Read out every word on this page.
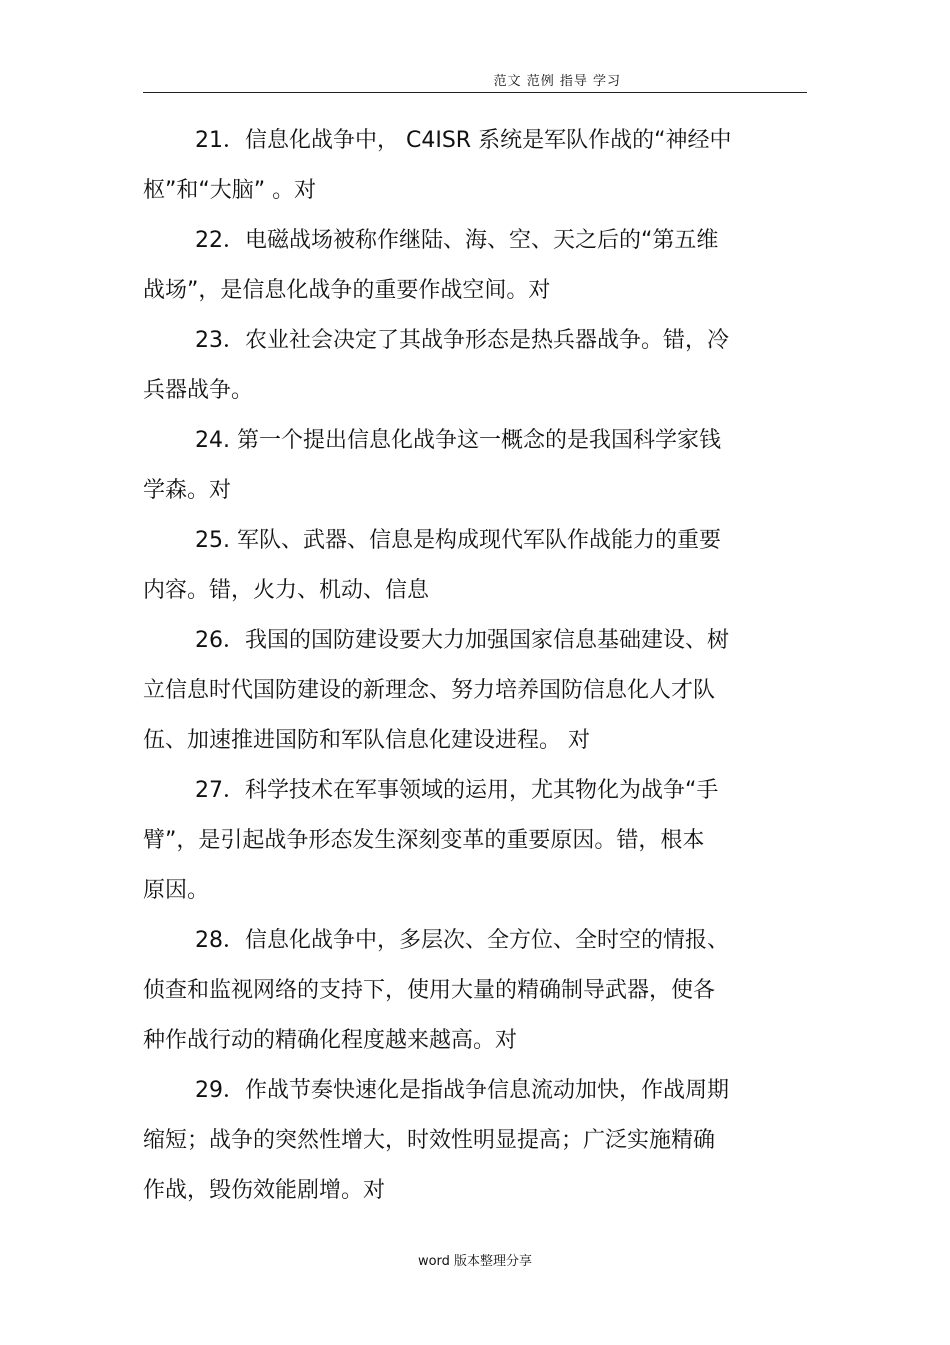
范文 范例 指导 学习
21．信息化战争中， C4ISR 系统是军队作战的“神经中
枢”和“大脑” 。对
22．电磁战场被称作继陆、海、空、天之后的“第五维
战场”，是信息化战争的重要作战空间。对
23．农业社会决定了其战争形态是热兵器战争。错，冷
兵器战争。
24. 第一个提出信息化战争这一概念的是我国科学家钱
学森。对
25. 军队、武器、信息是构成现代军队作战能力的重要
内容。错，火力、机动、信息
26．我国的国防建设要大力加强国家信息基础建设、树
立信息时代国防建设的新理念、努力培养国防信息化人才队
伍、加速推进国防和军队信息化建设进程。 对
27．科学技术在军事领域的运用，尤其物化为战争“手
臂”，是引起战争形态发生深刻变革的重要原因。错，根本
原因。
28．信息化战争中，多层次、全方位、全时空的情报、
侦查和监视网络的支持下，使用大量的精确制导武器，使各
种作战行动的精确化程度越来越高。对
29．作战节奏快速化是指战争信息流动加快，作战周期
缩短；战争的突然性增大，时效性明显提高；广泛实施精确
作战，毁伤效能剧增。对
word 版本整理分享
